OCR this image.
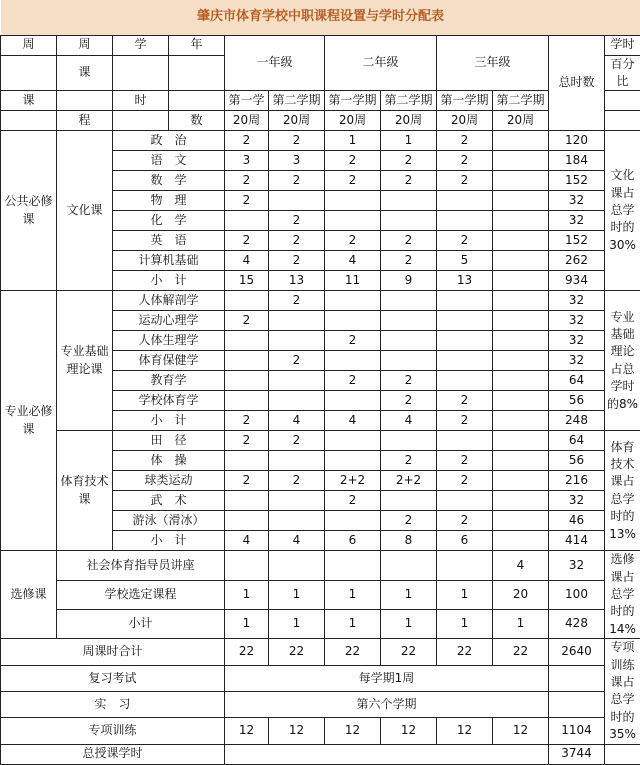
肇庆市体育学校中职课程设置与学时分配表											
周	周	学	年	一年级		二年级		三年级		总时数	学时
	课										百分比
课		时		第一学	第二学期	第一学期	第二学期	第一学期	第二学期		
	程		数	20周	20周	20周	20周	20周	20周		
公共必修课	文化课	政　治		2	2	1	1	2		120	文化课占总学时的30%
		语　文		3	3	2	2	2		184	
		数　学		2	2	2	2	2		152	
		物　理		2						32	
		化　学			2					32	
		英　语		2	2	2	2	2		152	
		计算机基础		4	2	4	2	5		262	
		小　计		15	13	11	9	13		934	
专业必修课	专业基础理论课	人体解剖学			2					32	专业基础理论占总学时的8%
		运动心理学		2						32	
		人体生理学				2				32	
		体育保健学			2					32	
		教育学				2	2			64	
		学校体育学					2	2		56	
		小　计		2	4	4	4	2		248	
	体育技术课	田　径		2	2					64	体育技术课占总学时的13%
		体　操					2	2		56	
		球类运动		2	2	2+2	2+2	2		216	
		武　术				2				32	
		游泳（滑冰）					2	2		46	
		小　计		4	4	6	8	6		414	
选修课	社会体育指导员讲座								4	32	选修课占总学时的14%
	学校选定课程			1	1	1	1	1	20	100	
	小计			1	1	1	1	1	1	428	
周课时合计				22	22	22	22	22	22	2640	专项训练课占总学时的35%
复习考试				每学期1周							
实　习				第六个学期							
专项训练				12	12	12	12	12	12	1104	
总授课学时										3744	
